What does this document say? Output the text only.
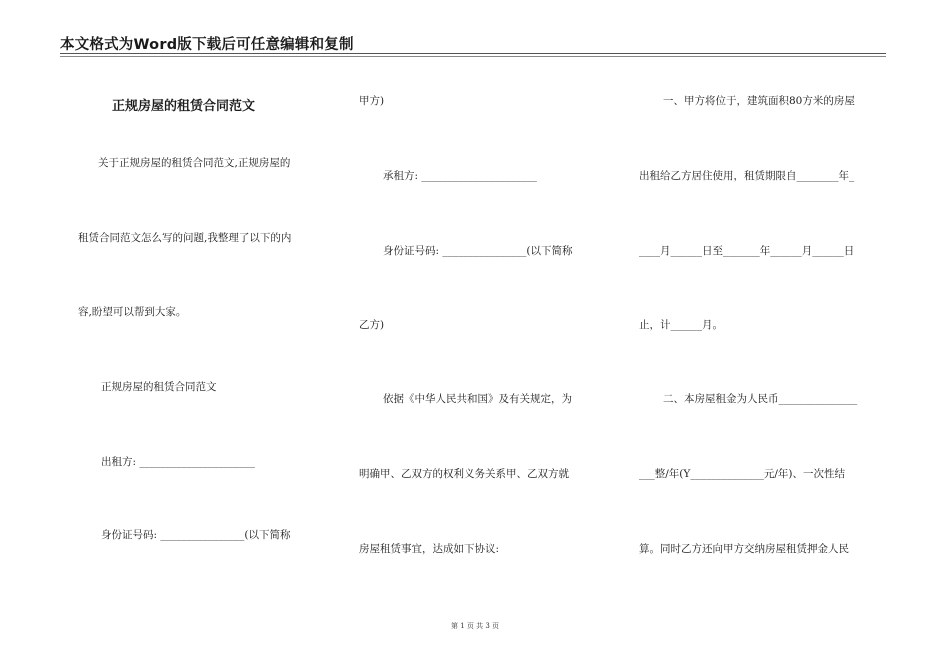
本文格式为Word版下载后可任意编辑和复制
正规房屋的租赁合同范文
关于正规房屋的租赁合同范文,正规房屋的
租赁合同范文怎么写的问题,我整理了以下的内
容,盼望可以帮到大家。
正规房屋的租赁合同范文
出租方: ______________________
身份证号码: ________________(以下简称
甲方)
承租方: ______________________
身份证号码: ________________(以下简称
乙方)
依据《中华人民共和国》及有关规定，为
明确甲、乙双方的权利义务关系甲、乙双方就
房屋租赁事宜，达成如下协议:
一、甲方将位于，建筑面积80方米的房屋
出租给乙方居住使用，租赁期限自________年_
____月______日至_______年______月______日
止，计______月。
二、本房屋租金为人民币_______________
___整/年(Y______________元/年)、一次性结
算。同时乙方还向甲方交纳房屋租赁押金人民
第 1 页 共 3 页
